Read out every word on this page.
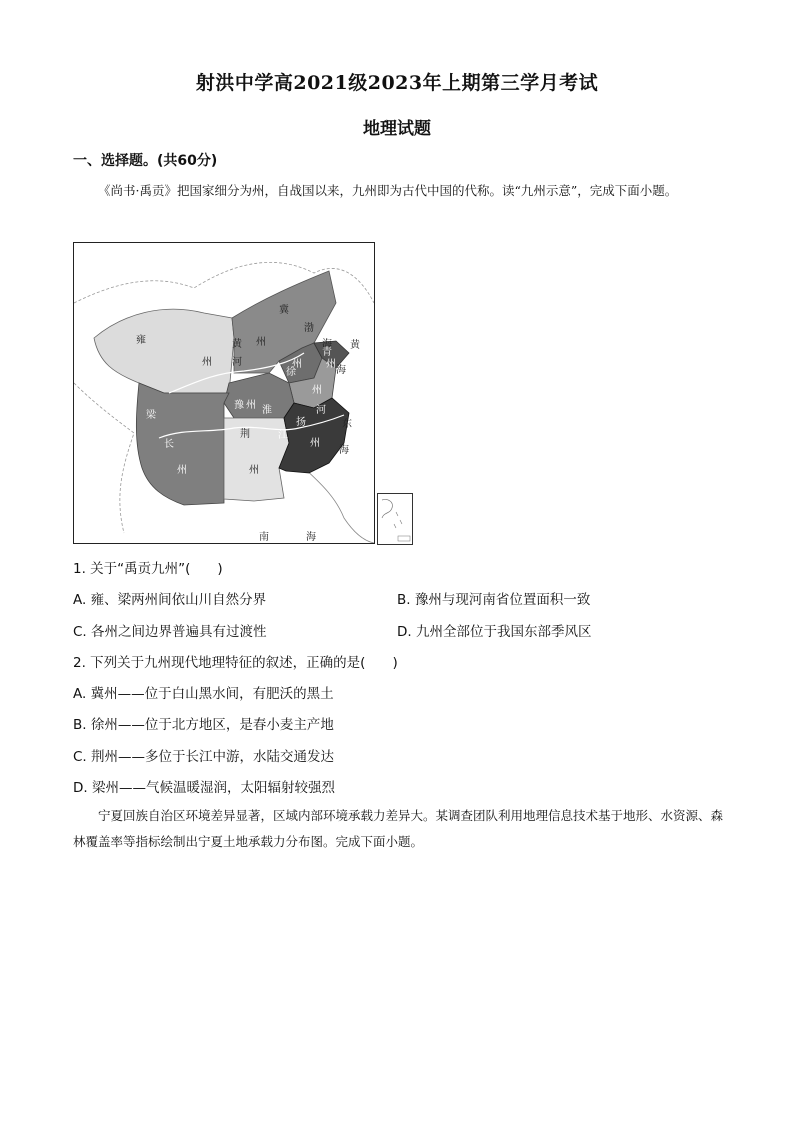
射洪中学高2021级2023年上期第三学月考试
地理试题
一、选择题。(共60分)
《尚书·禹贡》把国家细分为州，自战国以来，九州即为古代中国的代称。读“九州示意”，完成下面小题。
雍
州
冀
州
渤
海
州
青
州
黄
海
黄
河
徐
州
豫 州 淮	河
梁
长
州
荆	江
州
扬
州
东
海
南	海
1. 关于“禹贡九州”(　　)
A. 雍、梁两州间依山川自然分界	B. 豫州与现河南省位置面积一致
C. 各州之间边界普遍具有过渡性	D. 九州全部位于我国东部季风区
2. 下列关于九州现代地理特征的叙述，正确的是(　　)
A. 冀州——位于白山黑水间，有肥沃的黑土
B. 徐州——位于北方地区，是春小麦主产地
C. 荆州——多位于长江中游，水陆交通发达
D. 梁州——气候温暖湿润，太阳辐射较强烈
宁夏回族自治区环境差异显著，区域内部环境承载力差异大。某调查团队利用地理信息技术基于地形、水资源、森林覆盖率等指标绘制出宁夏土地承载力分布图。完成下面小题。
